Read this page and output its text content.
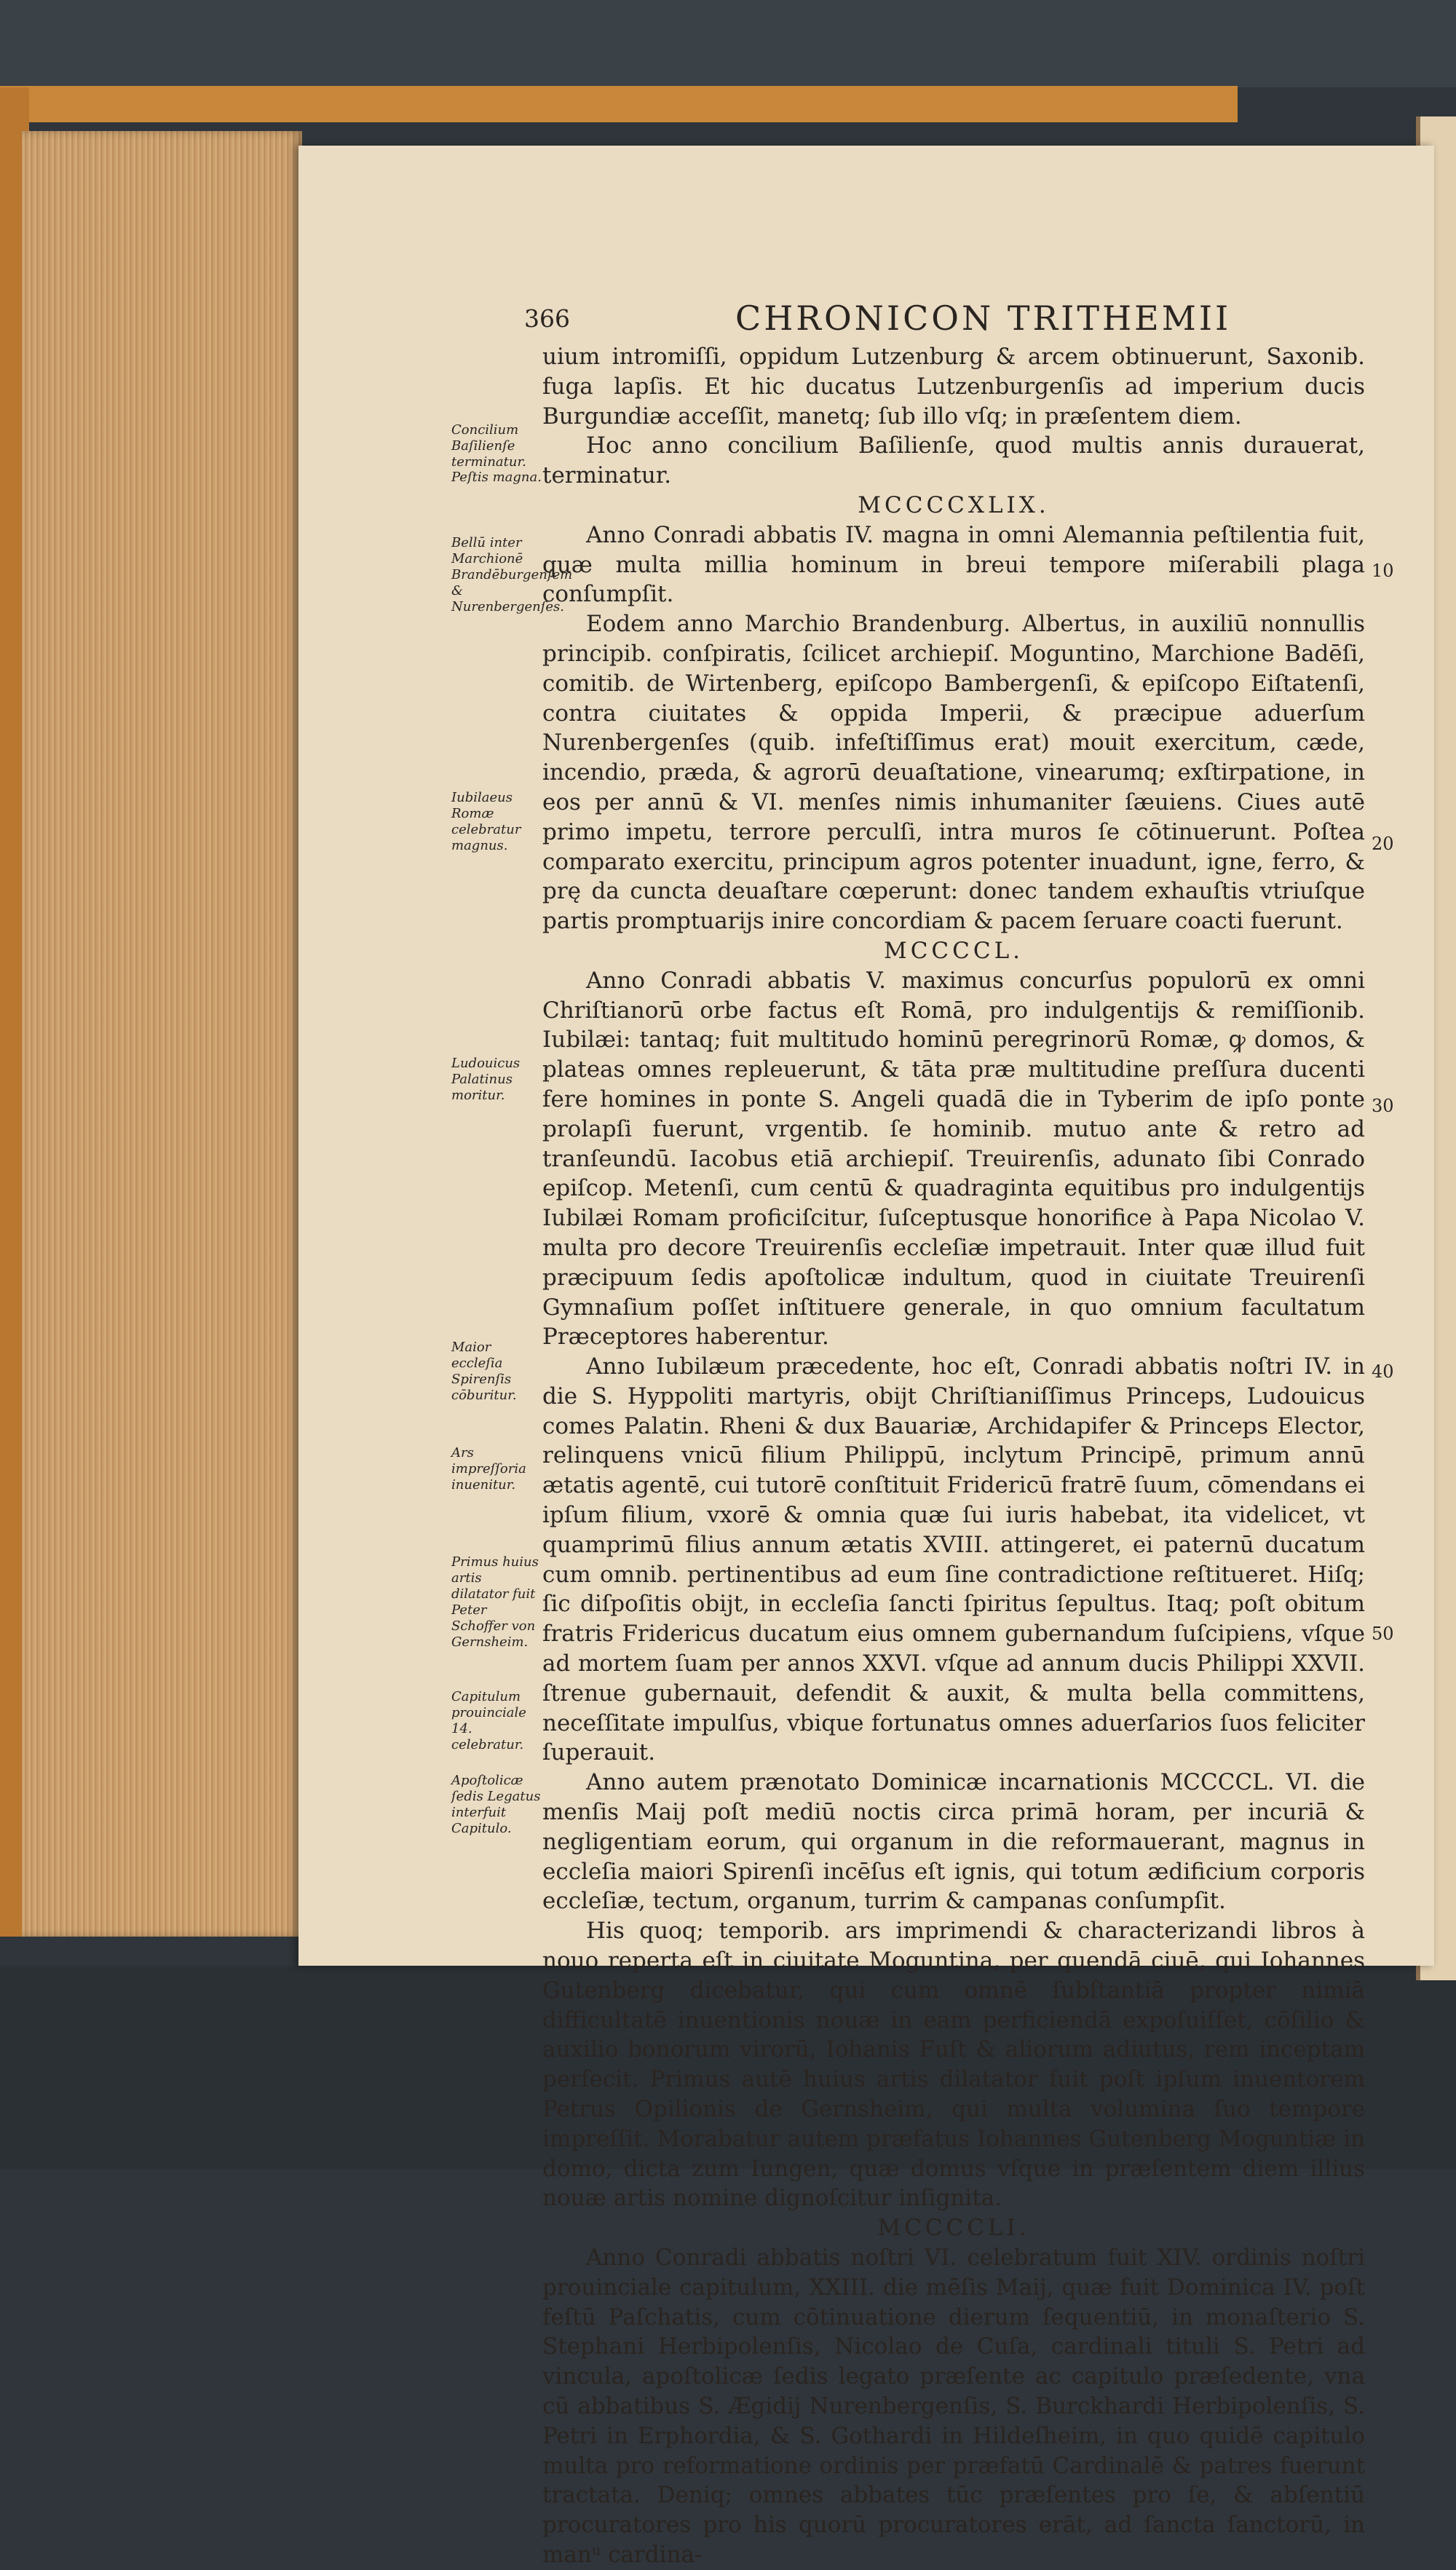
366	CHRONICON TRITHEMII

uium intromiſſi, oppidum Lutzenburg & arcem obtinuerunt, Saxonib. fuga lapſis. Et hic ducatus Lutzenburgenſis ad imperium ducis Burgundiæ acceſſit, manetq; ſub illo vſq; in præſentem diem.

Hoc anno concilium Baſilienſe, quod multis annis durauerat, terminatur.

MCCCCXLIX.

Anno Conradi abbatis IV. magna in omni Alemannia peſtilentia fuit, quæ multa millia hominum in breui tempore miſerabili plaga conſumpſit.

Eodem anno Marchio Brandenburg. Albertus, in auxiliū nonnullis principib. conſpiratis, ſcilicet archiepiſ. Moguntino, Marchione Badēſi, comitib. de Wirtenberg, epiſcopo Bambergenſi, & epiſcopo Eiſtatenſi, contra ciuitates & oppida Imperii, & præcipue aduerſum Nurenbergenſes (quib. infeſtiſſimus erat) mouit exercitum, cæde, incendio, præda, & agrorū deuaſtatione, vinearumq; exſtirpatione, in eos per annū & VI. menſes nimis inhumaniter ſæuiens. Ciues autē primo impetu, terrore perculſi, intra muros ſe cōtinuerunt. Poſtea comparato exercitu, principum agros potenter inuadunt, igne, ferro, & prę da cuncta deuaſtare cœperunt: donec tandem exhauſtis vtriuſque partis promptuarijs inire concordiam & pacem ſeruare coacti fuerunt.

MCCCCL.

Anno Conradi abbatis V. maximus concurſus populorū ex omni Chriſtianorū orbe factus eſt Romā, pro indulgentijs & remiſſionib. Iubilæi: tantaq; fuit multitudo hominū peregrinorū Romæ, ꝙ domos, & plateas omnes repleuerunt, & tāta præ multitudine preſſura ducenti fere homines in ponte S. Angeli quadā die in Tyberim de ipſo ponte prolapſi fuerunt, vrgentib. ſe hominib. mutuo ante & retro ad tranſeundū. Iacobus etiā archiepiſ. Treuirenſis, adunato ſibi Conrado epiſcop. Metenſi, cum centū & quadraginta equitibus pro indulgentijs Iubilæi Romam proficiſcitur, ſuſceptusque honorifice à Papa Nicolao V. multa pro decore Treuirenſis eccleſiæ impetrauit. Inter quæ illud fuit præcipuum ſedis apoſtolicæ indultum, quod in ciuitate Treuirenſi Gymnaſium poſſet inſtituere generale, in quo omnium facultatum Præceptores haberentur.

Anno Iubilæum præcedente, hoc eſt, Conradi abbatis noſtri IV. in die S. Hyppoliti martyris, obijt Chriſtianiſſimus Princeps, Ludouicus comes Palatin. Rheni & dux Bauariæ, Archidapifer & Princeps Elector, relinquens vnicū filium Philippū, inclytum Principē, primum annū ætatis agentē, cui tutorē conſtituit Fridericū fratrē ſuum, cōmendans ei ipſum filium, vxorē & omnia quæ ſui iuris habebat, ita videlicet, vt quamprimū filius annum ætatis XVIII. attingeret, ei paternū ducatum cum omnib. pertinentibus ad eum ſine contradictione reſtitueret. Hiſq; ſic diſpoſitis obijt, in eccleſia ſancti ſpiritus ſepultus. Itaq; poſt obitum fratris Fridericus ducatum eius omnem gubernandum ſuſcipiens, vſque ad mortem ſuam per annos XXVI. vſque ad annum ducis Philippi XXVII. ſtrenue gubernauit, defendit & auxit, & multa bella committens, neceſſitate impulſus, vbique fortunatus omnes aduerſarios ſuos feliciter ſuperauit.

Anno autem prænotato Dominicæ incarnationis MCCCCL. VI. die menſis Maij poſt mediū noctis circa primā horam, per incuriā & negligentiam eorum, qui organum in die reformauerant, magnus in eccleſia maiori Spirenſi incēſus eſt ignis, qui totum ædificium corporis eccleſiæ, tectum, organum, turrim & campanas conſumpſit.

His quoq; temporib. ars imprimendi & characterizandi libros à nouo reperta eſt in ciuitate Moguntina, per quendā ciuē, qui Iohannes Gutenberg dicebatur, qui cum omnē ſubſtantiā propter nimiā difficultatē inuentionis nouæ in eam perficiendā expoſuiſſet, cōſilio & auxilio bonorum virorū, Iohanis Fuſt & aliorum adiutus, rem inceptam perfecit. Primus autē huius artis dilatator fuit poſt ipſum inuentorem Petrus Opilionis de Gernsheim, qui multa volumina ſuo tempore impreſſit. Morabatur autem præfatus Iohannes Gutenberg Moguntiæ in domo, dicta zum Iungen, quæ domus vſque in præſentem diem illius nouæ artis nomine dignoſcitur inſignita.

MCCCCLI.

Anno Conradi abbatis noſtri VI. celebratum fuit XIV. ordinis noſtri prouinciale capitulum, XXIII. die mēſis Maij, quæ fuit Dominica IV. poſt feſtū Paſchatis, cum cōtinuatione dierum ſequentiū, in monaſterio S. Stephani Herbipolenſis, Nicolao de Cuſa, cardinali tituli S. Petri ad vincula, apoſtolicæ ſedis legato præſente ac capitulo præſedente, vna cū abbatibus S. Ægidij Nurenbergenſis, S. Burckhardi Herbipolenſis, S. Petri in Erphordia, & S. Gothardi in Hildeſheim, in quo quidē capitulo multa pro reformatione ordinis per præfatū Cardinalē & patres fuerunt tractata. Deniq; omnes abbates tūc præſentes pro ſe, & abſentiū procuratores pro his quorū procuratores erāt, ad ſancta ſanctorū, in manᵘ cardina-

Concilium Baſilienſe terminatur.
Peſtis magna.
Bellū inter Marchionē Brandēburgenſem & Nurenbergenſes.
Iubilaeus Romæ celebratur magnus.
Ludouicus Palatinus moritur.
Maior eccleſia Spirenſis cōburitur.
Ars impreſſoria inuenitur.
Primus huius artis dilatator fuit Peter Schoffer von Gernsheim.
Capitulum prouinciale 14. celebratur.
Apoſtolicæ ſedis Legatus interfuit Capitulo.
10
20
30
40
50
